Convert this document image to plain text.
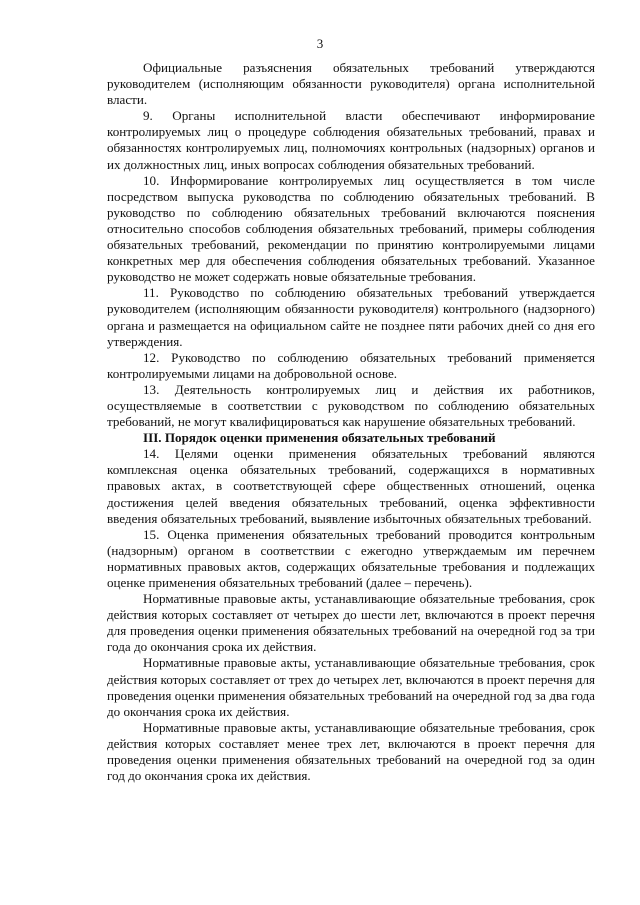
3

Официальные разъяснения обязательных требований утверждаются руководителем (исполняющим обязанности руководителя) органа исполнительной власти.

9. Органы исполнительной власти обеспечивают информирование контролируемых лиц о процедуре соблюдения обязательных требований, правах и обязанностях контролируемых лиц, полномочиях контрольных (надзорных) органов и их должностных лиц, иных вопросах соблюдения обязательных требований.

10. Информирование контролируемых лиц осуществляется в том числе посредством выпуска руководства по соблюдению обязательных требований. В руководство по соблюдению обязательных требований включаются пояснения относительно способов соблюдения обязательных требований, примеры соблюдения обязательных требований, рекомендации по принятию контролируемыми лицами конкретных мер для обеспечения соблюдения обязательных требований. Указанное руководство не может содержать новые обязательные требования.

11. Руководство по соблюдению обязательных требований утверждается руководителем (исполняющим обязанности руководителя) контрольного (надзорного) органа и размещается на официальном сайте не позднее пяти рабочих дней со дня его утверждения.

12. Руководство по соблюдению обязательных требований применяется контролируемыми лицами на добровольной основе.

13. Деятельность контролируемых лиц и действия их работников, осуществляемые в соответствии с руководством по соблюдению обязательных требований, не могут квалифицироваться как нарушение обязательных требований.

III. Порядок оценки применения обязательных требований

14. Целями оценки применения обязательных требований являются комплексная оценка обязательных требований, содержащихся в нормативных правовых актах, в соответствующей сфере общественных отношений, оценка достижения целей введения обязательных требований, оценка эффективности введения обязательных требований, выявление избыточных обязательных требований.

15. Оценка применения обязательных требований проводится контрольным (надзорным) органом в соответствии с ежегодно утверждаемым им перечнем нормативных правовых актов, содержащих обязательные требования и подлежащих оценке применения обязательных требований (далее – перечень).

Нормативные правовые акты, устанавливающие обязательные требования, срок действия которых составляет от четырех до шести лет, включаются в проект перечня для проведения оценки применения обязательных требований на очередной год за три года до окончания срока их действия.

Нормативные правовые акты, устанавливающие обязательные требования, срок действия которых составляет от трех до четырех лет, включаются в проект перечня для проведения оценки применения обязательных требований на очередной год за два года до окончания срока их действия.

Нормативные правовые акты, устанавливающие обязательные требования, срок действия которых составляет менее трех лет, включаются в проект перечня для проведения оценки применения обязательных требований на очередной год за один год до окончания срока их действия.
